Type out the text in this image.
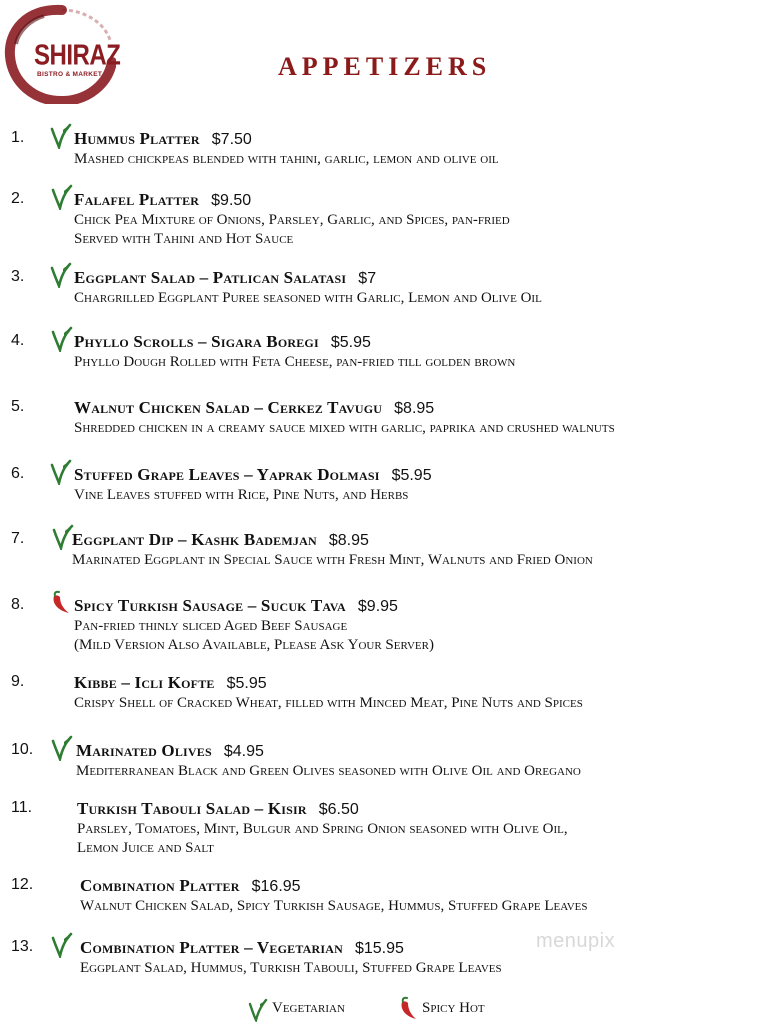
SHIRAZ
BISTRO & MARKET	APPETIZERS
1.	Hummus Platter $7.50
Mashed chickpeas blended with tahini, garlic, lemon and olive oil
2.	Falafel Platter $9.50
Chick Pea Mixture of Onions, Parsley, Garlic, and Spices, pan-fried
Served with Tahini and Hot Sauce
3.	Eggplant Salad – Patlican Salatasi $7
Chargrilled Eggplant Puree seasoned with Garlic, Lemon and Olive Oil
4.	Phyllo Scrolls – Sigara Boregi $5.95
Phyllo Dough Rolled with Feta Cheese, pan-fried till golden brown
5.	Walnut Chicken Salad – Cerkez Tavugu $8.95
Shredded chicken in a creamy sauce mixed with garlic, paprika and crushed walnuts
6.	Stuffed Grape Leaves – Yaprak Dolmasi $5.95
Vine Leaves stuffed with Rice, Pine Nuts, and Herbs
7.	Eggplant Dip – Kashk Bademjan $8.95
Marinated Eggplant in Special Sauce with Fresh Mint, Walnuts and Fried Onion
8.	Spicy Turkish Sausage – Sucuk Tava $9.95
Pan-fried thinly sliced Aged Beef Sausage
(Mild Version Also Available, Please Ask Your Server)
9.	Kibbe – Icli Kofte $5.95
Crispy Shell of Cracked Wheat, filled with Minced Meat, Pine Nuts and Spices
10.	Marinated Olives $4.95
Mediterranean Black and Green Olives seasoned with Olive Oil and Oregano
11.	Turkish Tabouli Salad – Kisir $6.50
Parsley, Tomatoes, Mint, Bulgur and Spring Onion seasoned with Olive Oil,
Lemon Juice and Salt
12.	Combination Platter $16.95
Walnut Chicken Salad, Spicy Turkish Sausage, Hummus, Stuffed Grape Leaves
13.	Combination Platter – Vegetarian $15.95
Eggplant Salad, Hummus, Turkish Tabouli, Stuffed Grape Leaves
menupix
Vegetarian	Spicy Hot
